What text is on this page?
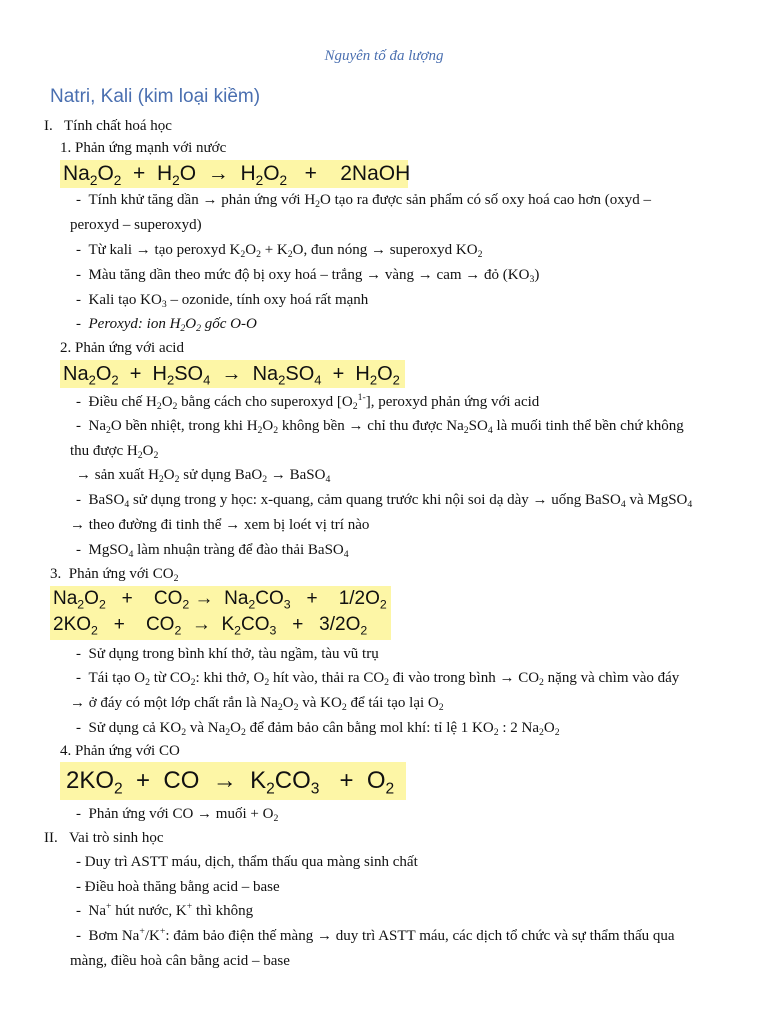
Nguyên tố đa lượng
Natri, Kali (kim loại kiềm)
I. Tính chất hoá học
1. Phản ứng mạnh với nước
$Na_2O_2 + H_2O \to H_2O_2$   +    2NaOH
-  Tính khử tăng dần → phản ứng với $H_2O$ tạo ra được sản phẩm có số oxy hoá cao hơn (oxyd –
peroxyd – superoxyd)
-  Từ kali → tạo peroxyd $K_2O_2 + K_2O$, đun nóng → superoxyd $KO_2$
-  Màu tăng dần theo mức độ bị oxy hoá – trắng → vàng → cam → đỏ $(KO_3)$
-  Kali tạo $KO_3$ – ozonide, tính oxy hoá rất mạnh
-  Peroxyd: ion $H_2O_2$ gốc O-O
2. Phản ứng với acid
$Na_2O_2 + H_2SO_4 \to Na_2SO_4 + H_2O_2$
-  Điều chế $H_2O_2$ bằng cách cho superoxyd $[O_2^{1-}]$, peroxyd phản ứng với acid
-  $Na_2O$ bền nhiệt, trong khi $H_2O_2$ không bền → chỉ thu được $Na_2SO_4$ là muối tinh thể bền chứ không
thu được $H_2O_2$
→ sản xuất $H_2O_2$ sử dụng BaO$_2$ → BaSO$_4$
-  BaSO$_4$ sử dụng trong y học: x-quang, cảm quang trước khi nội soi dạ dày → uống BaSO$_4$ và MgSO$_4$
→ theo đường đi tinh thể → xem bị loét vị trí nào
-  MgSO$_4$ làm nhuận tràng để đào thải BaSO$_4$
3.  Phản ứng với $CO_2$
$Na_2O_2$   +    $CO_2 \to Na_2CO_3$   +    $1/2O_2$
$2KO_2$   +    $CO_2 \to K_2CO_3 + 3/2O_2$
-  Sử dụng trong bình khí thở, tàu ngầm, tàu vũ trụ
-  Tái tạo $O_2$ từ $CO_2$: khi thở, $O_2$ hít vào, thải ra $CO_2$ đi vào trong bình → $CO_2$ nặng và chìm vào đáy
→ ở đáy có một lớp chất rắn là $Na_2O_2$ và $KO_2$ để tái tạo lại $O_2$
-  Sử dụng cả $KO_2$ và $Na_2O_2$ để đảm bảo cân bằng mol khí: tỉ lệ 1 $KO_2$ : 2 $Na_2O_2$
4. Phản ứng với CO
$2KO_2$  +  CO  →  $K_2CO_3 + O_2$
-  Phản ứng với CO → muối + $O_2$
II. Vai trò sinh học
- Duy trì ASTT máu, dịch, thẩm thấu qua màng sinh chất
- Điều hoà thăng bằng acid – base
-  Na+ hút nước, K+ thì không
-  Bơm Na+/K+: đảm bảo điện thế màng → duy trì ASTT máu, các dịch tổ chức và sự thẩm thấu qua
màng, điều hoà cân bằng acid – base
